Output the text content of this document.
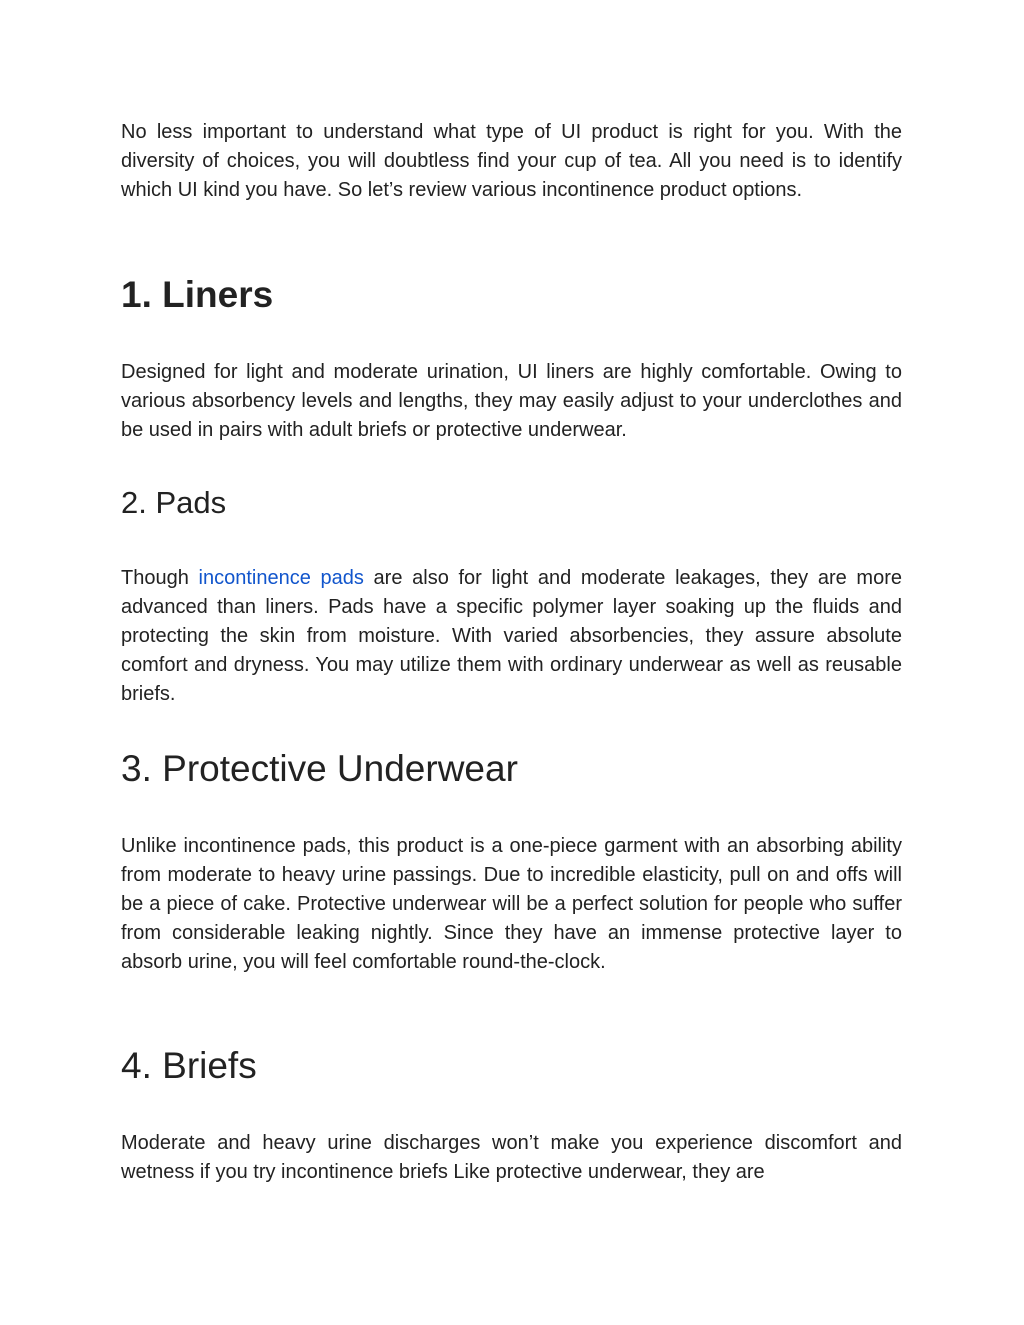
No less important to understand what type of UI product is right for you. With the diversity of choices, you will doubtless find your cup of tea. All you need is to identify which UI kind you have. So let’s review various incontinence product options.

1. Liners

Designed for light and moderate urination, UI liners are highly comfortable. Owing to various absorbency levels and lengths, they may easily adjust to your underclothes and be used in pairs with adult briefs or protective underwear.

2. Pads

Though incontinence pads are also for light and moderate leakages, they are more advanced than liners. Pads have a specific polymer layer soaking up the fluids and protecting the skin from moisture. With varied absorbencies, they assure absolute comfort and dryness. You may utilize them with ordinary underwear as well as reusable briefs.

3. Protective Underwear

Unlike incontinence pads, this product is a one-piece garment with an absorbing ability from moderate to heavy urine passings. Due to incredible elasticity, pull on and offs will be a piece of cake. Protective underwear will be a perfect solution for people who suffer from considerable leaking nightly. Since they have an immense protective layer to absorb urine, you will feel comfortable round-the-clock.

4. Briefs

Moderate and heavy urine discharges won’t make you experience discomfort and wetness if you try incontinence briefs Like protective underwear, they are
